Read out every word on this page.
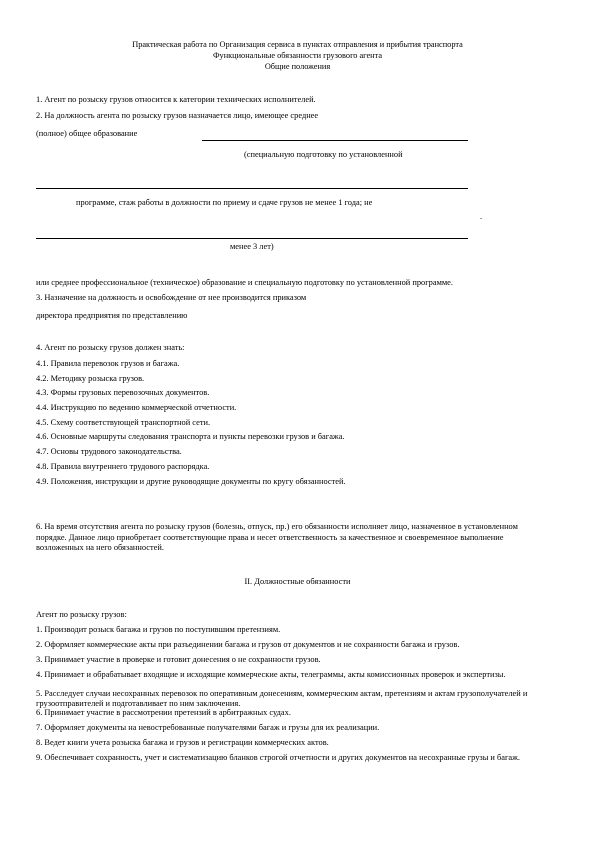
Практическая работа по Организация сервиса в пунктах отправления и прибытия транспорта
Функциональные обязанности грузового агента
Общие положения
1. Агент по розыску грузов относится к категории технических исполнителей.
2. На должность агента по розыску грузов назначается лицо, имеющее среднее
(полное) общее образование
(специальную подготовку по установленной
программе, стаж работы в должности по приему и сдаче грузов не менее 1 года; не
.
менее 3 лет)
или среднее профессиональное (техническое) образование и специальную подготовку по установленной программе.
3. Назначение на должность и освобождение от нее производится приказом
директора предприятия по представлению
4. Агент по розыску грузов должен знать:
4.1. Правила перевозок грузов и багажа.
4.2. Методику розыска грузов.
4.3. Формы грузовых перевозочных документов.
4.4. Инструкцию по ведению коммерческой отчетности.
4.5. Схему соответствующей транспортной сети.
4.6. Основные маршруты следования транспорта и пункты перевозки грузов и багажа.
4.7. Основы трудового законодательства.
4.8. Правила внутреннего трудового распорядка.
4.9. Положения, инструкции и другие руководящие документы по кругу обязанностей.
6. На время отсутствия агента по розыску грузов (болезнь, отпуск, пр.) его обязанности исполняет лицо, назначенное в установленном порядке. Данное лицо приобретает соответствующие права и несет ответственность за качественное и своевременное выполнение возложенных на него обязанностей.
II. Должностные обязанности
Агент по розыску грузов:
1. Производит розыск багажа и грузов по поступившим претензиям.
2. Оформляет коммерческие акты при разъединении багажа и грузов от документов и не сохранности багажа и грузов.
3. Принимает участие в проверке и готовит донесения о не сохранности грузов.
4. Принимает и обрабатывает входящие и исходящие коммерческие акты, телеграммы, акты комиссионных проверок и экспертизы.
5. Расследует случаи несохранных перевозок по оперативным донесениям, коммерческим актам, претензиям и актам грузополучателей и грузоотправителей и подготавливает по ним заключения.
6. Принимает участие в рассмотрении претензий в арбитражных судах.
7. Оформляет документы на невостребованные получателями багаж и грузы для их реализации.
8. Ведет книги учета розыска багажа и грузов и регистрации коммерческих актов.
9. Обеспечивает сохранность, учет и систематизацию бланков строгой отчетности и других документов на несохранные грузы и багаж.
